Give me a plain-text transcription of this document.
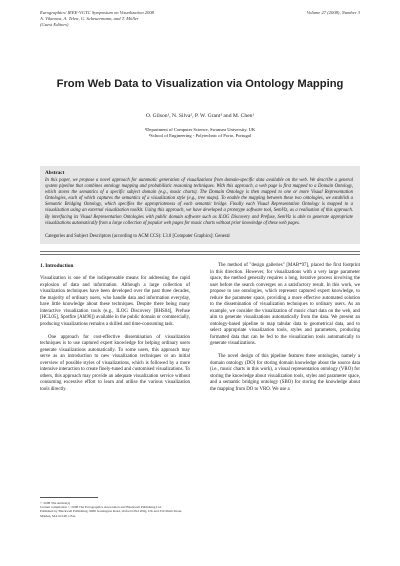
Eurographics/ IEEE-VGTC Symposium on Visualization 2008
A. Vilanova, A. Telea, G. Scheuermann, and T. Möller
(Guest Editors)
Volume 27 (2008), Number 3
From Web Data to Visualization via Ontology Mapping
O. Gilson¹, N. Silva², P. W. Grant¹ and M. Chen¹
¹Department of Computer Science, Swansea University, UK
²School of Engineering - Polytechnic of Porto, Portugal
Abstract
In this paper, we propose a novel approach for automatic generation of visualizations from domain-specific data available on the web. We describe a general system pipeline that combines ontology mapping and probabilistic reasoning techniques. With this approach, a web page is first mapped to a Domain Ontology, which stores the semantics of a specific subject domain (e.g., music charts). The Domain Ontology is then mapped to one or more Visual Representation Ontologies, each of which captures the semantics of a visualization style (e.g., tree maps). To enable the mapping between these two ontologies, we establish a Semantic Bridging Ontology, which specifies the appropriateness of each semantic bridge. Finally each Visual Representation Ontology is mapped to a visualization using an external visualization toolkit. Using this approach, we have developed a prototype software tool, SemViz, as a realisation of this approach. By interfacing its Visual Representation Ontologies with public domain software such as ILOG Discovery and Prefuse, SemViz is able to generate appropriate visualizations automatically from a large collection of popular web pages for music charts without prior knowledge of these web pages.
Categories and Subject Descriptors (according to ACM CCS): I.3.0 [Computer Graphics]: General

1. Introduction

Visualization is one of the indispensable means for addressing the rapid explosion of data and information. Although a large collection of visualization techniques have been developed over the past three decades, the majority of ordinary users, who handle data and information everyday, have little knowledge about these techniques. Despite there being many interactive visualization tools (e.g., ILOG Discovery [BHS04], Prefuse [HCL05], Spotfire [Ahl96]) available in the public domain or commercially, producing visualizations remains a skilled and time-consuming task.

One approach for cost-effective dissemination of visualization techniques is to use captured expert knowledge for helping ordinary users generate visualizations automatically. To some users, this approach may serve as an introduction to new visualization techniques or an initial overview of possible styles of visualizations, which is followed by a more intensive interaction to create finely-tuned and customised visualizations. To others, this approach may provide an adequate visualization service without consuming excessive effort to learn and utilise the various visualization tools directly.

The method of "design galleries" [MAB*97], placed the first footprint in this direction. However, for visualizations with a very large parameter space, the method generally requires a long, iterative process involving the user before the search converges on a satisfactory result. In this work, we propose to use ontologies, which represent captured expert knowledge, to reduce the parameter space, providing a more effective automated solution to the dissemination of visualization techniques to ordinary users. As an example, we consider the visualization of music chart data on the web, and aim to generate visualizations automatically from the data. We present an ontology-based pipeline to map tabular data to geometrical data, and to select appropriate visualization tools, styles and parameters, producing formatted data that can be fed to the visualization tools automatically to generate visualizations.

The novel design of this pipeline features three ontologies, namely a domain ontology (DO) for storing domain knowledge about the source data (i.e., music charts in this work), a visual representation ontology (VRO) for storing the knowledge about visualization tools, styles and parameter space, and a semantic bridging ontology (SBO) for storing the knowledge about the mapping from DO to VRO. We use a

© 2008 The Author(s)
Journal compilation © 2008 The Eurographics Association and Blackwell Publishing Ltd.
Published by Blackwell Publishing, 9600 Garsington Road, Oxford OX4 2DQ, UK and 350 Main Street, Malden, MA 02148, USA.
